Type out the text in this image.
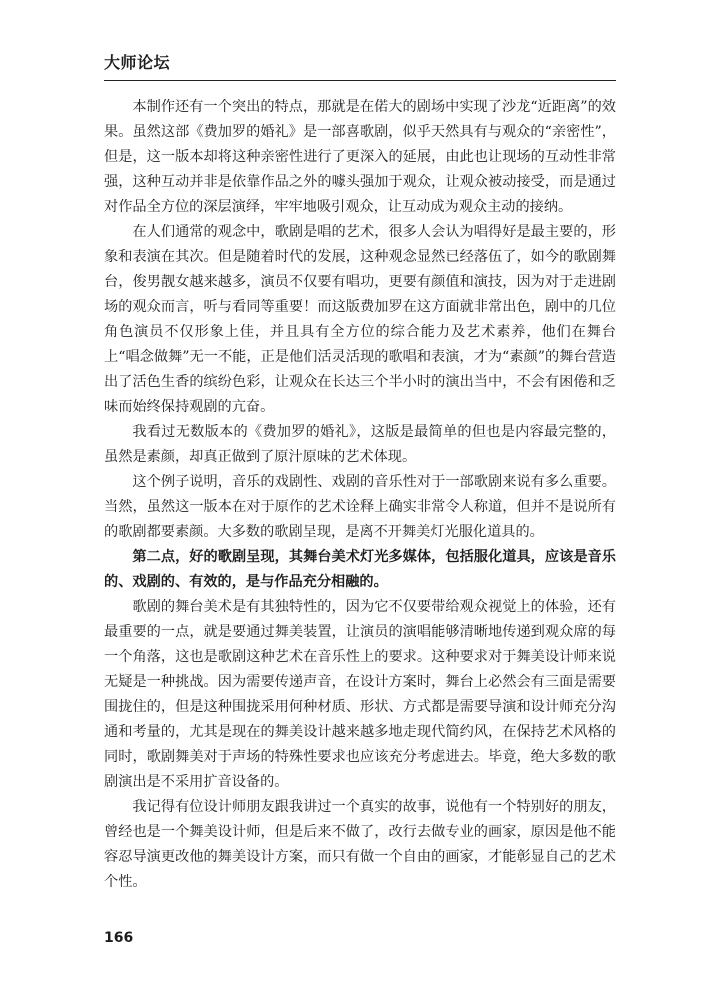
大师论坛

本制作还有一个突出的特点，那就是在偌大的剧场中实现了沙龙“近距离”的效果。虽然这部《费加罗的婚礼》是一部喜歌剧，似乎天然具有与观众的“亲密性”，但是，这一版本却将这种亲密性进行了更深入的延展，由此也让现场的互动性非常强，这种互动并非是依靠作品之外的噱头强加于观众，让观众被动接受，而是通过对作品全方位的深层演绎，牢牢地吸引观众，让互动成为观众主动的接纳。

在人们通常的观念中，歌剧是唱的艺术，很多人会认为唱得好是最主要的，形象和表演在其次。但是随着时代的发展，这种观念显然已经落伍了，如今的歌剧舞台，俊男靓女越来越多，演员不仅要有唱功，更要有颜值和演技，因为对于走进剧场的观众而言，听与看同等重要！而这版费加罗在这方面就非常出色，剧中的几位角色演员不仅形象上佳，并且具有全方位的综合能力及艺术素养，他们在舞台上“唱念做舞”无一不能，正是他们活灵活现的歌唱和表演，才为“素颜”的舞台营造出了活色生香的缤纷色彩，让观众在长达三个半小时的演出当中，不会有困倦和乏味而始终保持观剧的亢奋。

我看过无数版本的《费加罗的婚礼》，这版是最简单的但也是内容最完整的，虽然是素颜，却真正做到了原汁原味的艺术体现。

这个例子说明，音乐的戏剧性、戏剧的音乐性对于一部歌剧来说有多么重要。当然，虽然这一版本在对于原作的艺术诠释上确实非常令人称道，但并不是说所有的歌剧都要素颜。大多数的歌剧呈现，是离不开舞美灯光服化道具的。

第二点，好的歌剧呈现，其舞台美术灯光多媒体，包括服化道具，应该是音乐的、戏剧的、有效的，是与作品充分相融的。

歌剧的舞台美术是有其独特性的，因为它不仅要带给观众视觉上的体验，还有最重要的一点，就是要通过舞美装置，让演员的演唱能够清晰地传递到观众席的每一个角落，这也是歌剧这种艺术在音乐性上的要求。这种要求对于舞美设计师来说无疑是一种挑战。因为需要传递声音，在设计方案时，舞台上必然会有三面是需要围拢住的，但是这种围拢采用何种材质、形状、方式都是需要导演和设计师充分沟通和考量的，尤其是现在的舞美设计越来越多地走现代简约风，在保持艺术风格的同时，歌剧舞美对于声场的特殊性要求也应该充分考虑进去。毕竟，绝大多数的歌剧演出是不采用扩音设备的。

我记得有位设计师朋友跟我讲过一个真实的故事，说他有一个特别好的朋友，曾经也是一个舞美设计师，但是后来不做了，改行去做专业的画家，原因是他不能容忍导演更改他的舞美设计方案，而只有做一个自由的画家，才能彰显自己的艺术个性。

166
